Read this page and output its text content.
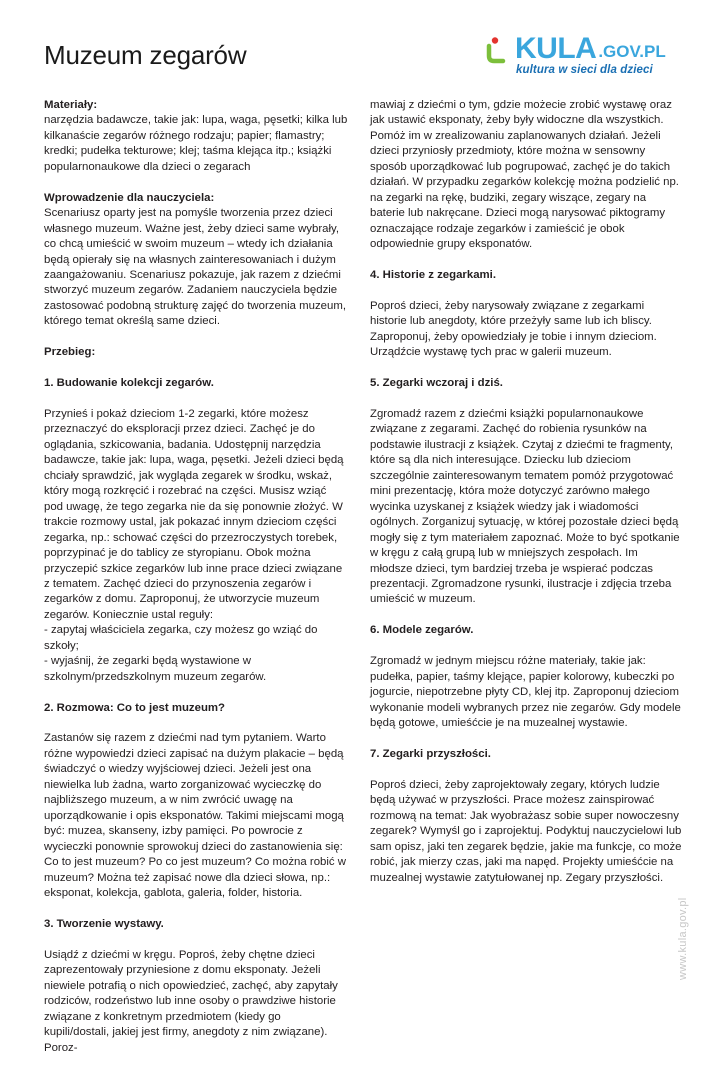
Muzeum zegarów	KULA .GOV.PL
kultura w sieci dla dzieci
Materiały:

narzędzia badawcze, takie jak: lupa, waga, pęsetki; kilka lub kilkanaście zegarów różnego rodzaju; papier; flamastry; kredki; pudełka tekturowe; klej; taśma klejąca itp.; książki popularnonaukowe dla dzieci o zegarach

Wprowadzenie dla nauczyciela:

Scenariusz oparty jest na pomyśle tworzenia przez dzieci własnego muzeum. Ważne jest, żeby dzieci same wybrały, co chcą umieścić w swoim muzeum – wtedy ich działania będą opierały się na własnych zainteresowaniach i dużym zaangażowaniu. Scenariusz pokazuje, jak razem z dziećmi stworzyć muzeum zegarów. Zadaniem nauczyciela będzie zastosować podobną strukturę zajęć do tworzenia muzeum, którego temat określą same dzieci.

Przebieg:
1. Budowanie kolekcji zegarów.

Przynieś i pokaż dzieciom 1-2 zegarki, które możesz przeznaczyć do eksploracji przez dzieci. Zachęć je do oglądania, szkicowania, badania. Udostępnij narzędzia badawcze, takie jak: lupa, waga, pęsetki. Jeżeli dzieci będą chciały sprawdzić, jak wygląda zegarek w środku, wskaż, który mogą rozkręcić i rozebrać na części. Musisz wziąć pod uwagę, że tego zegarka nie da się ponownie złożyć. W trakcie rozmowy ustal, jak pokazać innym dzieciom części zegarka, np.: schować części do przezroczystych torebek, poprzypinać je do tablicy ze styropianu. Obok można przyczepić szkice zegarków lub inne prace dzieci związane z tematem. Zachęć dzieci do przynoszenia zegarów i zegarków z domu. Zaproponuj, że utworzycie muzeum zegarów. Koniecznie ustal reguły:

- zapytaj właściciela zegarka, czy możesz go wziąć do szkoły;

- wyjaśnij, że zegarki będą wystawione w szkolnym/przedszkolnym muzeum zegarów.

2. Rozmowa: Co to jest muzeum?

Zastanów się razem z dziećmi nad tym pytaniem. Warto różne wypowiedzi dzieci zapisać na dużym plakacie – będą świadczyć o wiedzy wyjściowej dzieci. Jeżeli jest ona niewielka lub żadna, warto zorganizować wycieczkę do najbliższego muzeum, a w nim zwrócić uwagę na uporządkowanie i opis eksponatów. Takimi miejscami mogą być: muzea, skanseny, izby pamięci. Po powrocie z wycieczki ponownie sprowokuj dzieci do zastanowienia się: Co to jest muzeum? Po co jest muzeum? Co można robić w muzeum? Można też zapisać nowe dla dzieci słowa, np.: eksponat, kolekcja, gablota, galeria, folder, historia.

3. Tworzenie wystawy.

Usiądź z dziećmi w kręgu. Poproś, żeby chętne dzieci zaprezentowały przyniesione z domu eksponaty. Jeżeli niewiele potrafią o nich opowiedzieć, zachęć, aby zapytały rodziców, rodzeństwo lub inne osoby o prawdziwe historie związane z konkretnym przedmiotem (kiedy go kupili/dostali, jakiej jest firmy, anegdoty z nim związane). Poroz-

mawiaj z dziećmi o tym, gdzie możecie zrobić wystawę oraz jak ustawić eksponaty, żeby były widoczne dla wszystkich. Pomóż im w zrealizowaniu zaplanowanych działań. Jeżeli dzieci przyniosły przedmioty, które można w sensowny sposób uporządkować lub pogrupować, zachęć je do takich działań. W przypadku zegarków kolekcję można podzielić np. na zegarki na rękę, budziki, zegary wiszące, zegary na baterie lub nakręcane. Dzieci mogą narysować piktogramy oznaczające rodzaje zegarków i zamieścić je obok odpowiednie grupy eksponatów.

4. Historie z zegarkami.

Poproś dzieci, żeby narysowały związane z zegarkami historie lub anegdoty, które przeżyły same lub ich bliscy. Zaproponuj, żeby opowiedziały je tobie i innym dzieciom. Urządźcie wystawę tych prac w galerii muzeum.

5. Zegarki wczoraj i dziś.

Zgromadź razem z dziećmi książki popularnonaukowe związane z zegarami. Zachęć do robienia rysunków na podstawie ilustracji z książek. Czytaj z dziećmi te fragmenty, które są dla nich interesujące. Dziecku lub dzieciom szczególnie zainteresowanym tematem pomóż przygotować mini prezentację, która może dotyczyć zarówno małego wycinka uzyskanej z książek wiedzy jak i wiadomości ogólnych. Zorganizuj sytuację, w której pozostałe dzieci będą mogły się z tym materiałem zapoznać. Może to być spotkanie w kręgu z całą grupą lub w mniejszych zespołach. Im młodsze dzieci, tym bardziej trzeba je wspierać podczas prezentacji. Zgromadzone rysunki, ilustracje i zdjęcia trzeba umieścić w muzeum.

6. Modele zegarów.

Zgromadź w jednym miejscu różne materiały, takie jak: pudełka, papier, taśmy klejące, papier kolorowy, kubeczki po jogurcie, niepotrzebne płyty CD, klej itp. Zaproponuj dzieciom wykonanie modeli wybranych przez nie zegarów. Gdy modele będą gotowe, umieśćcie je na muzealnej wystawie.

7. Zegarki przyszłości.

Poproś dzieci, żeby zaprojektowały zegary, których ludzie będą używać w przyszłości. Prace możesz zainspirować rozmową na temat: Jak wyobrażasz sobie super nowoczesny zegarek? Wymyśl go i zaprojektuj. Podyktuj nauczycielowi lub sam opisz, jaki ten zegarek będzie, jakie ma funkcje, co może robić, jak mierzy czas, jaki ma napęd. Projekty umieśćcie na muzealnej wystawie zatytułowanej np. Zegary przyszłości.

www.kula.gov.pl
